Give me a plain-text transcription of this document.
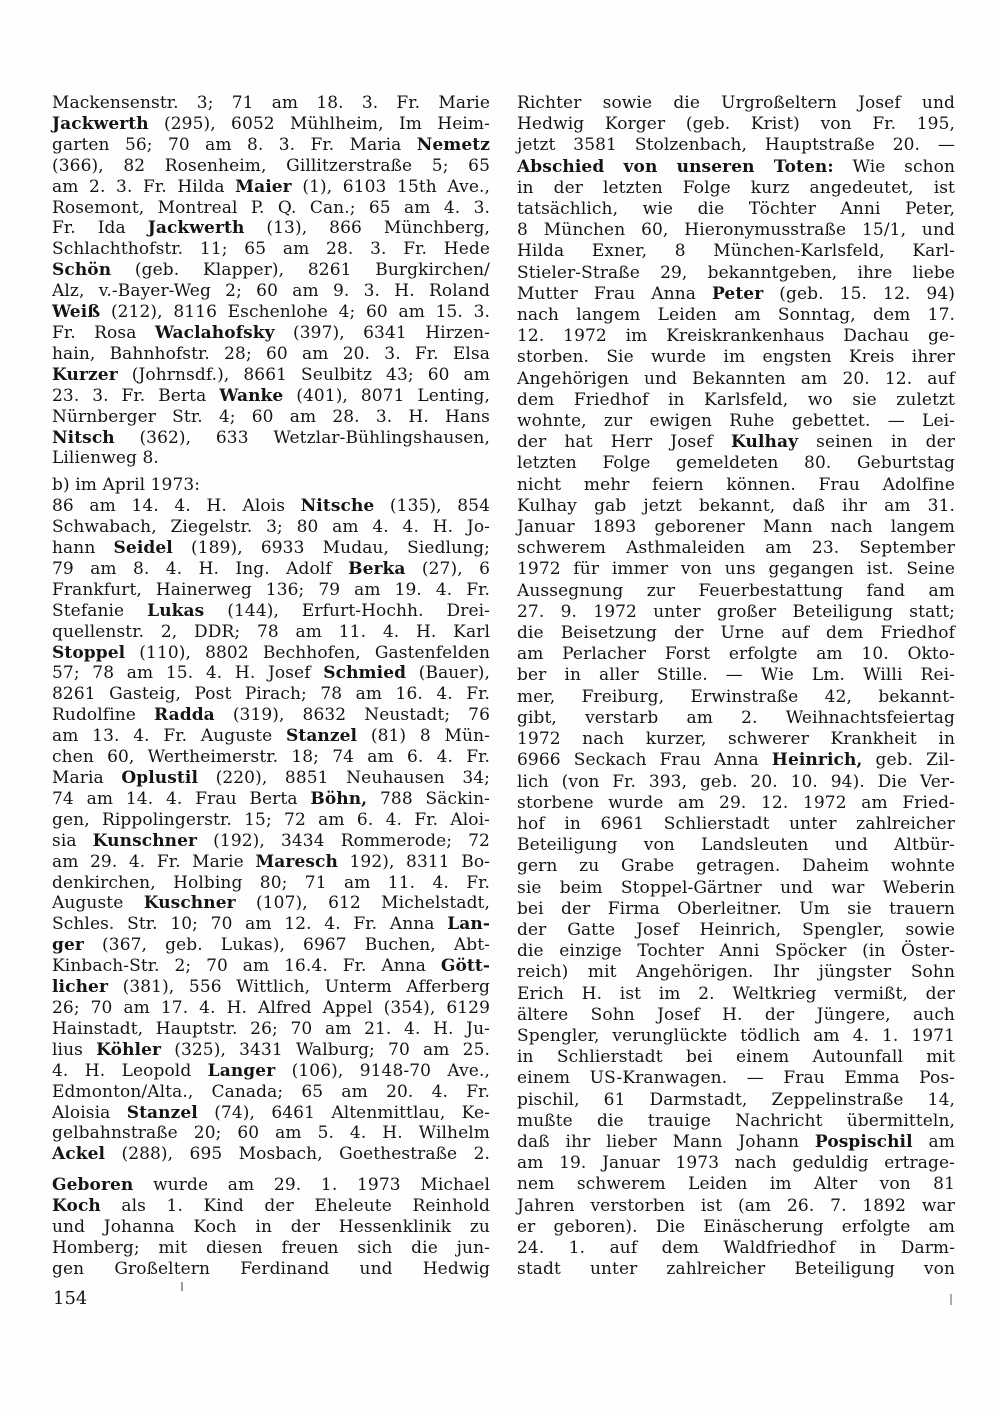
Mackensenstr. 3; 71 am 18. 3. Fr. Marie
Jackwerth (295), 6052 Mühlheim, Im Heim-
garten 56; 70 am 8. 3. Fr. Maria Nemetz
(366), 82 Rosenheim, Gillitzerstraße 5; 65
am 2. 3. Fr. Hilda Maier (1), 6103 15th Ave.,
Rosemont, Montreal P. Q. Can.; 65 am 4. 3.
Fr. Ida Jackwerth (13), 866 Münchberg,
Schlachthofstr. 11; 65 am 28. 3. Fr. Hede
Schön (geb. Klapper), 8261 Burgkirchen/
Alz, v.-Bayer-Weg 2; 60 am 9. 3. H. Roland
Weiß (212), 8116 Eschenlohe 4; 60 am 15. 3.
Fr. Rosa Waclahofsky (397), 6341 Hirzen-
hain, Bahnhofstr. 28; 60 am 20. 3. Fr. Elsa
Kurzer (Johrnsdf.), 8661 Seulbitz 43; 60 am
23. 3. Fr. Berta Wanke (401), 8071 Lenting,
Nürnberger Str. 4; 60 am 28. 3. H. Hans
Nitsch (362), 633 Wetzlar-Bühlingshausen,
Lilienweg 8.
b) im April 1973:
86 am 14. 4. H. Alois Nitsche (135), 854
Schwabach, Ziegelstr. 3; 80 am 4. 4. H. Jo-
hann Seidel (189), 6933 Mudau, Siedlung;
79 am 8. 4. H. Ing. Adolf Berka (27), 6
Frankfurt, Hainerweg 136; 79 am 19. 4. Fr.
Stefanie Lukas (144), Erfurt-Hochh. Drei-
quellenstr. 2, DDR; 78 am 11. 4. H. Karl
Stoppel (110), 8802 Bechhofen, Gastenfelden
57; 78 am 15. 4. H. Josef Schmied (Bauer),
8261 Gasteig, Post Pirach; 78 am 16. 4. Fr.
Rudolfine Radda (319), 8632 Neustadt; 76
am 13. 4. Fr. Auguste Stanzel (81) 8 Mün-
chen 60, Wertheimerstr. 18; 74 am 6. 4. Fr.
Maria Oplustil (220), 8851 Neuhausen 34;
74 am 14. 4. Frau Berta Böhn, 788 Säckin-
gen, Rippolingerstr. 15; 72 am 6. 4. Fr. Aloi-
sia Kunschner (192), 3434 Rommerode; 72
am 29. 4. Fr. Marie Maresch 192), 8311 Bo-
denkirchen, Holbing 80; 71 am 11. 4. Fr.
Auguste Kuschner (107), 612 Michelstadt,
Schles. Str. 10; 70 am 12. 4. Fr. Anna Lan-
ger (367, geb. Lukas), 6967 Buchen, Abt-
Kinbach-Str. 2; 70 am 16.4. Fr. Anna Gött-
licher (381), 556 Wittlich, Unterm Afferberg
26; 70 am 17. 4. H. Alfred Appel (354), 6129
Hainstadt, Hauptstr. 26; 70 am 21. 4. H. Ju-
lius Köhler (325), 3431 Walburg; 70 am 25.
4. H. Leopold Langer (106), 9148-70 Ave.,
Edmonton/Alta., Canada; 65 am 20. 4. Fr.
Aloisia Stanzel (74), 6461 Altenmittlau, Ke-
gelbahnstraße 20; 60 am 5. 4. H. Wilhelm
Ackel (288), 695 Mosbach, Goethestraße 2.
Geboren wurde am 29. 1. 1973 Michael
Koch als 1. Kind der Eheleute Reinhold
und Johanna Koch in der Hessenklinik zu
Homberg; mit diesen freuen sich die jun-
gen Großeltern Ferdinand und Hedwig
Richter sowie die Urgroßeltern Josef und
Hedwig Korger (geb. Krist) von Fr. 195,
jetzt 3581 Stolzenbach, Hauptstraße 20. —
Abschied von unseren Toten: Wie schon
in der letzten Folge kurz angedeutet, ist
tatsächlich, wie die Töchter Anni Peter,
8 München 60, Hieronymusstraße 15/1, und
Hilda Exner, 8 München-Karlsfeld, Karl-
Stieler-Straße 29, bekanntgeben, ihre liebe
Mutter Frau Anna Peter (geb. 15. 12. 94)
nach langem Leiden am Sonntag, dem 17.
12. 1972 im Kreiskrankenhaus Dachau ge-
storben. Sie wurde im engsten Kreis ihrer
Angehörigen und Bekannten am 20. 12. auf
dem Friedhof in Karlsfeld, wo sie zuletzt
wohnte, zur ewigen Ruhe gebettet. — Lei-
der hat Herr Josef Kulhay seinen in der
letzten Folge gemeldeten 80. Geburtstag
nicht mehr feiern können. Frau Adolfine
Kulhay gab jetzt bekannt, daß ihr am 31.
Januar 1893 geborener Mann nach langem
schwerem Asthmaleiden am 23. September
1972 für immer von uns gegangen ist. Seine
Aussegnung zur Feuerbestattung fand am
27. 9. 1972 unter großer Beteiligung statt;
die Beisetzung der Urne auf dem Friedhof
am Perlacher Forst erfolgte am 10. Okto-
ber in aller Stille. — Wie Lm. Willi Rei-
mer, Freiburg, Erwinstraße 42, bekannt-
gibt, verstarb am 2. Weihnachtsfeiertag
1972 nach kurzer, schwerer Krankheit in
6966 Seckach Frau Anna Heinrich, geb. Zil-
lich (von Fr. 393, geb. 20. 10. 94). Die Ver-
storbene wurde am 29. 12. 1972 am Fried-
hof in 6961 Schlierstadt unter zahlreicher
Beteiligung von Landsleuten und Altbür-
gern zu Grabe getragen. Daheim wohnte
sie beim Stoppel-Gärtner und war Weberin
bei der Firma Oberleitner. Um sie trauern
der Gatte Josef Heinrich, Spengler, sowie
die einzige Tochter Anni Spöcker (in Öster-
reich) mit Angehörigen. Ihr jüngster Sohn
Erich H. ist im 2. Weltkrieg vermißt, der
ältere Sohn Josef H. der Jüngere, auch
Spengler, verunglückte tödlich am 4. 1. 1971
in Schlierstadt bei einem Autounfall mit
einem US-Kranwagen. — Frau Emma Pos-
pischil, 61 Darmstadt, Zeppelinstraße 14,
mußte die trauige Nachricht übermitteln,
daß ihr lieber Mann Johann Pospischil am
am 19. Januar 1973 nach geduldig ertrage-
nem schwerem Leiden im Alter von 81
Jahren verstorben ist (am 26. 7. 1892 war
er geboren). Die Einäscherung erfolgte am
24. 1. auf dem Waldfriedhof in Darm-
stadt unter zahlreicher Beteiligung von
154
